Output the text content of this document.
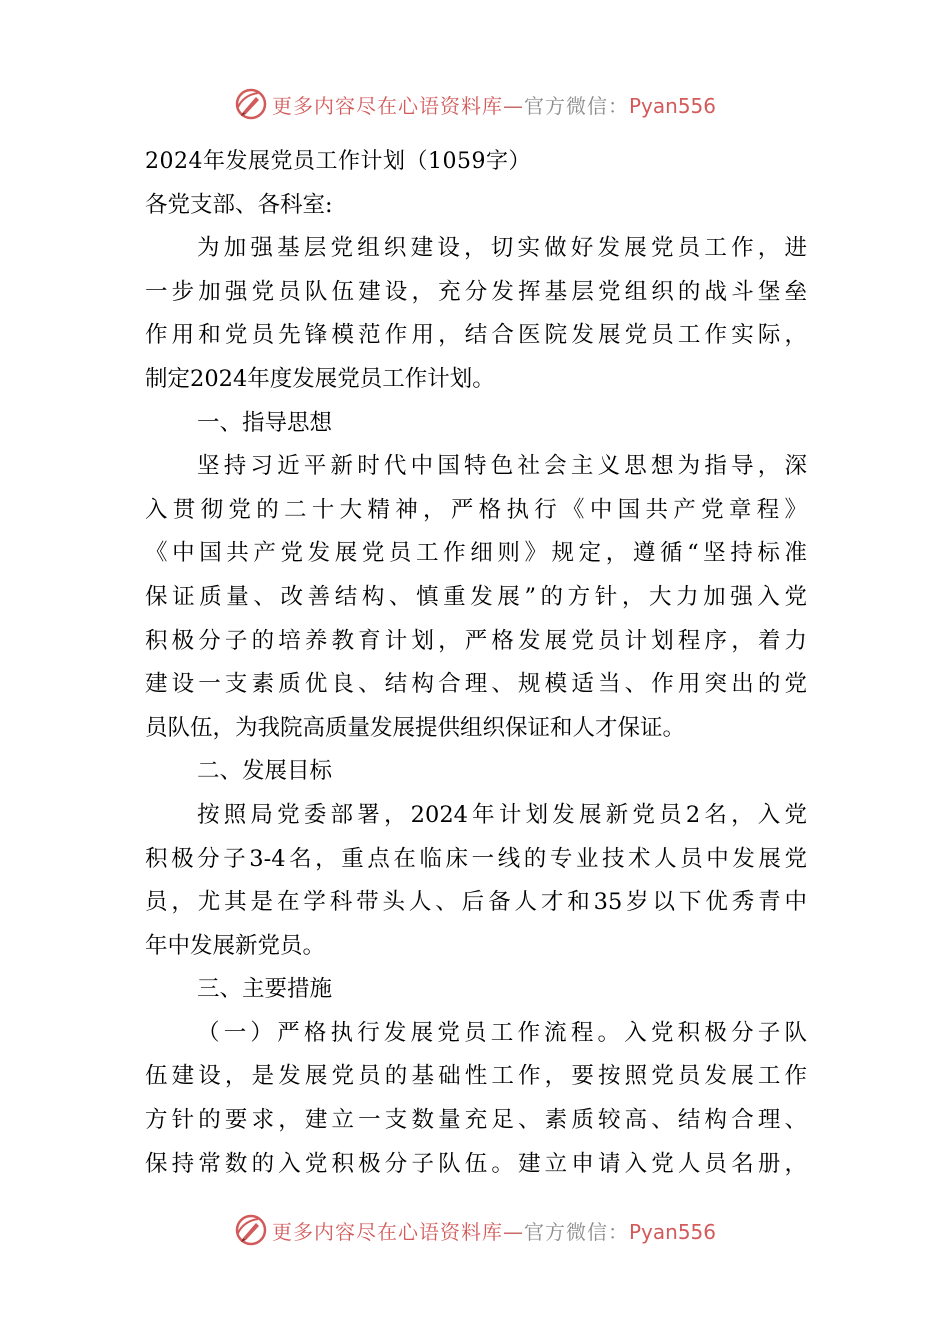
更多内容尽在心语资料库—官方微信：Pyan556
2024年发展党员工作计划（1059字）
各党支部、各科室:
为加强基层党组织建设，切实做好发展党员工作，进
一步加强党员队伍建设，充分发挥基层党组织的战斗堡垒
作用和党员先锋模范作用，结合医院发展党员工作实际，
制定2024年度发展党员工作计划。
一、指导思想
坚持习近平新时代中国特色社会主义思想为指导，深
入贯彻党的二十大精神，严格执行《中国共产党章程》
《中国共产党发展党员工作细则》规定，遵循“坚持标准
保证质量、改善结构、慎重发展”的方针，大力加强入党
积极分子的培养教育计划，严格发展党员计划程序，着力
建设一支素质优良、结构合理、规模适当、作用突出的党
员队伍，为我院高质量发展提供组织保证和人才保证。
二、发展目标
按照局党委部署，2024年计划发展新党员2名，入党
积极分子3-4名，重点在临床一线的专业技术人员中发展党
员，尤其是在学科带头人、后备人才和35岁以下优秀青中
年中发展新党员。
三、主要措施
（一）严格执行发展党员工作流程。入党积极分子队
伍建设，是发展党员的基础性工作，要按照党员发展工作
方针的要求，建立一支数量充足、素质较高、结构合理、
保持常数的入党积极分子队伍。建立申请入党人员名册，
更多内容尽在心语资料库—官方微信：Pyan556
